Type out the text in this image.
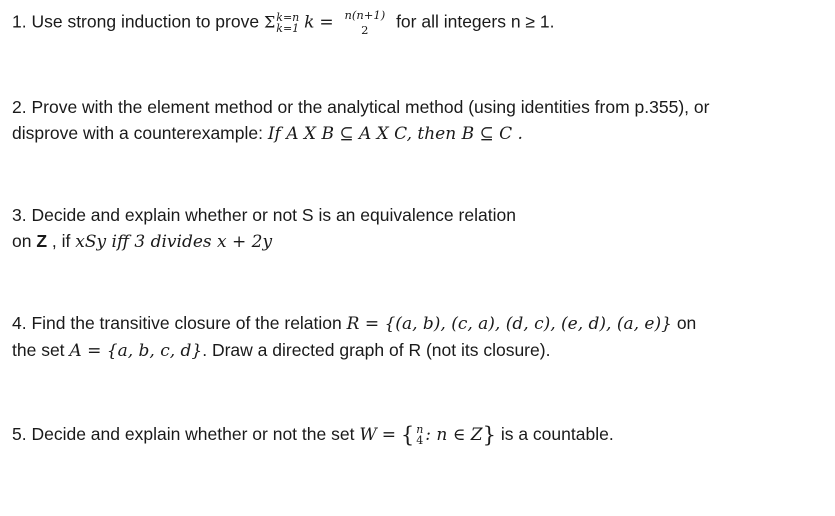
1. Use strong induction to prove Σ k=n
k=1 k = n(n+1)
2	for all integers n ≥ 1.
2. Prove with the element method or the analytical method (using identities from p.355), or
disprove with a counterexample: If A X B ⊆ A X C, then B ⊆ C .
3. Decide and explain whether or not S is an equivalence relation
on Z , if xSy iff 3 divides x + 2y
4. Find the transitive closure of the relation R = {(a, b), (c, a), (d, c), (e, d), (a, e)} on
the set A = {a, b, c, d}. Draw a directed graph of R (not its closure).
5. Decide and explain whether or not the set W = { n
4 : n ∈ Z} is a countable.
